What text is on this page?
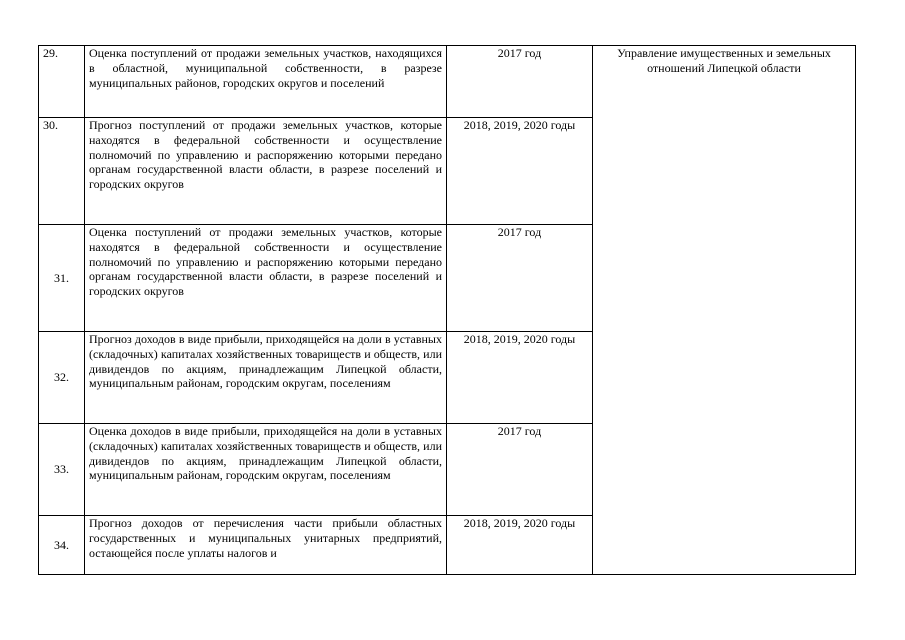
29.	Оценка поступлений от продажи земельных участков, находящихся в областной, муниципальной собственности, в разрезе муниципальных районов, городских округов и поселений	2017 год	Управление имущественных и земельных отношений Липецкой области
30.	Прогноз поступлений от продажи земельных участков, которые находятся в федеральной собственности и осуществление полномочий по управлению и распоряжению которыми передано органам государственной власти области, в разрезе поселений и городских округов	2018, 2019, 2020 годы	
31.	Оценка поступлений от продажи земельных участков, которые находятся в федеральной собственности и осуществление полномочий по управлению и распоряжению которыми передано органам государственной власти области, в разрезе поселений и городских округов	2017 год	
32.	Прогноз доходов в виде прибыли, приходящейся на доли в уставных (складочных) капиталах хозяйственных товариществ и обществ, или дивидендов по акциям, принадлежащим Липецкой области, муниципальным районам, городским округам, поселениям	2018, 2019, 2020 годы	
33.	Оценка доходов в виде прибыли, приходящейся на доли в уставных (складочных) капиталах хозяйственных товариществ и обществ, или дивидендов по акциям, принадлежащим Липецкой области, муниципальным районам, городским округам, поселениям	2017 год	
34.	Прогноз доходов от перечисления части прибыли областных государственных и муниципальных унитарных предприятий, остающейся после уплаты налогов и	2018, 2019, 2020 годы	
